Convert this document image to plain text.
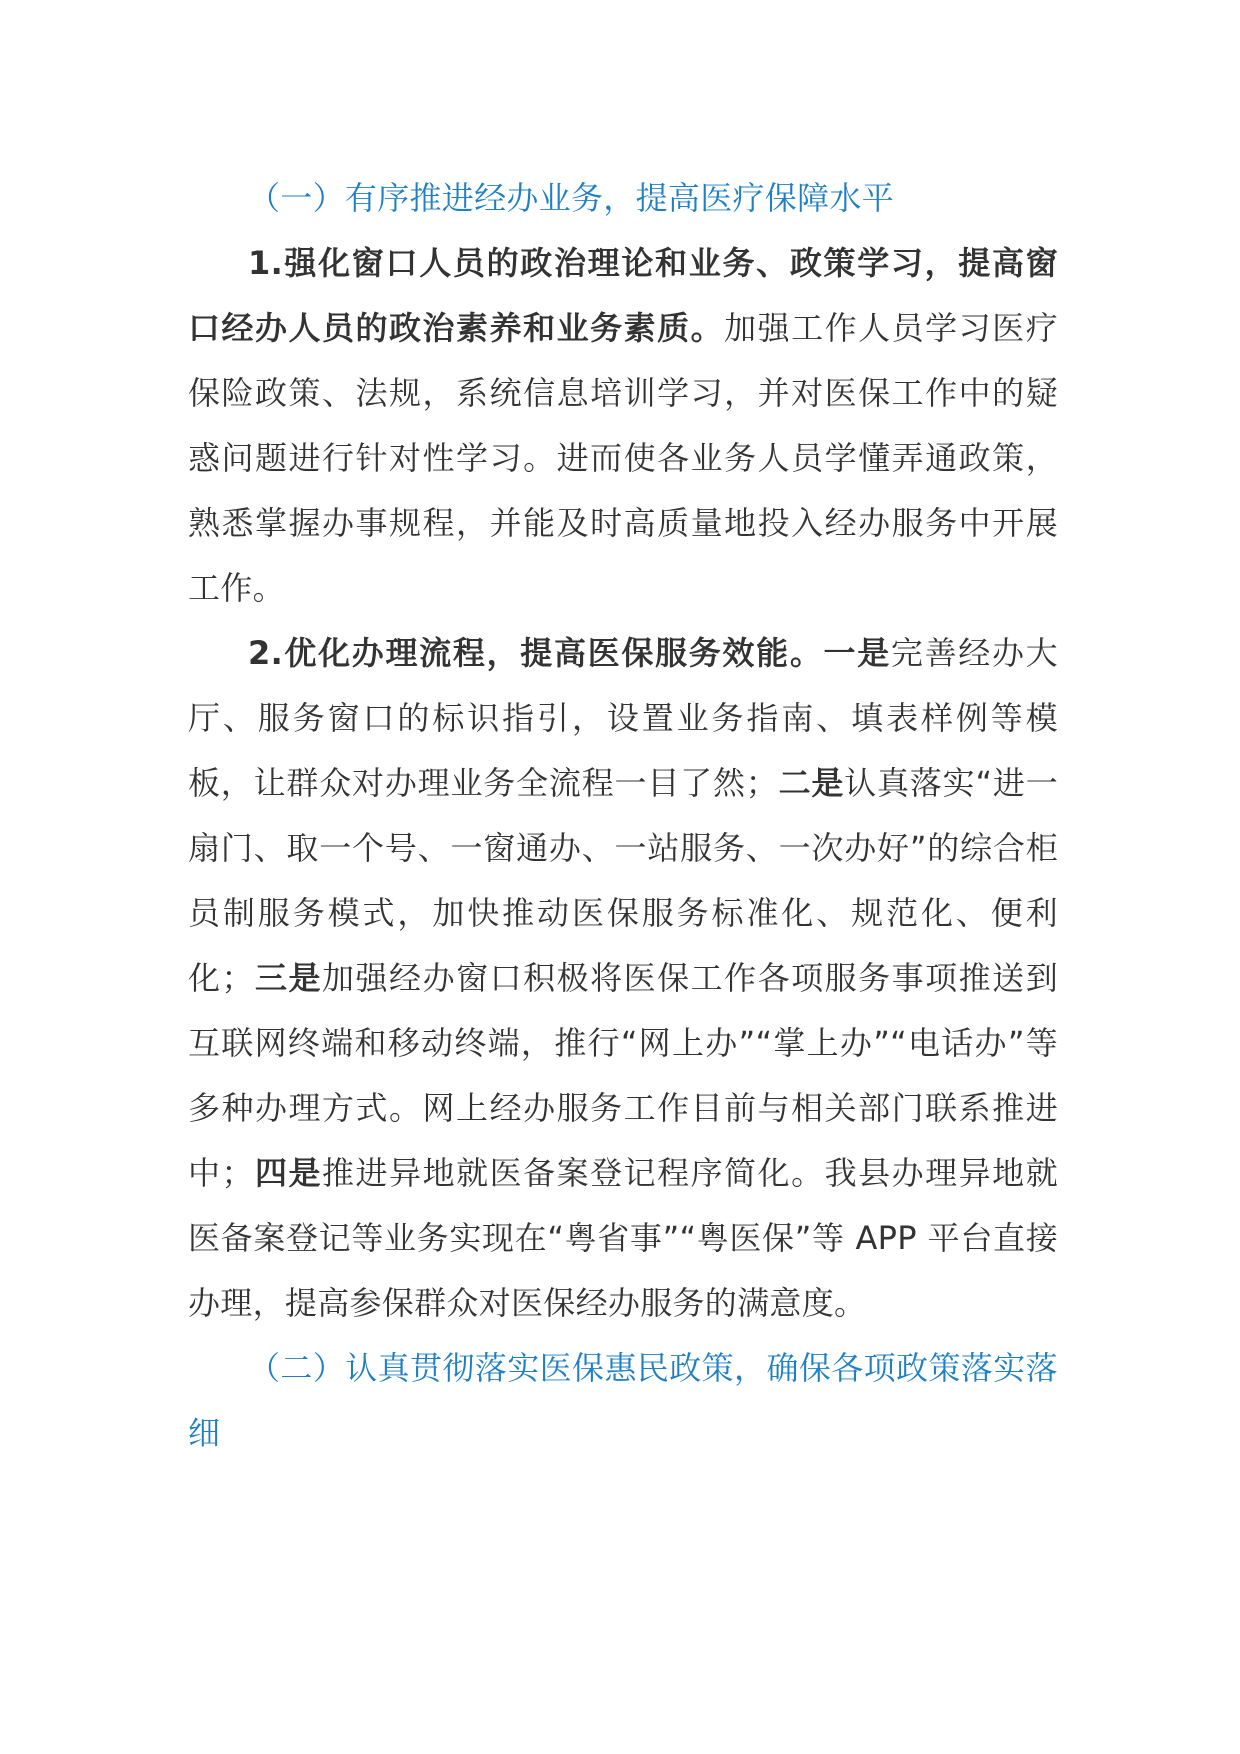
（一）有序推进经办业务，提高医疗保障水平

1.强化窗口人员的政治理论和业务、政策学习，提高窗口经办人员的政治素养和业务素质。加强工作人员学习医疗保险政策、法规，系统信息培训学习，并对医保工作中的疑惑问题进行针对性学习。进而使各业务人员学懂弄通政策，熟悉掌握办事规程，并能及时高质量地投入经办服务中开展工作。

2.优化办理流程，提高医保服务效能。一是完善经办大厅、服务窗口的标识指引，设置业务指南、填表样例等模板，让群众对办理业务全流程一目了然；二是认真落实“进一扇门、取一个号、一窗通办、一站服务、一次办好”的综合柜员制服务模式，加快推动医保服务标准化、规范化、便利化；三是加强经办窗口积极将医保工作各项服务事项推送到互联网终端和移动终端，推行“网上办”“掌上办”“电话办”等多种办理方式。网上经办服务工作目前与相关部门联系推进中；四是推进异地就医备案登记程序简化。我县办理异地就医备案登记等业务实现在“粤省事”“粤医保”等 APP 平台直接办理，提高参保群众对医保经办服务的满意度。

（二）认真贯彻落实医保惠民政策，确保各项政策落实落细
